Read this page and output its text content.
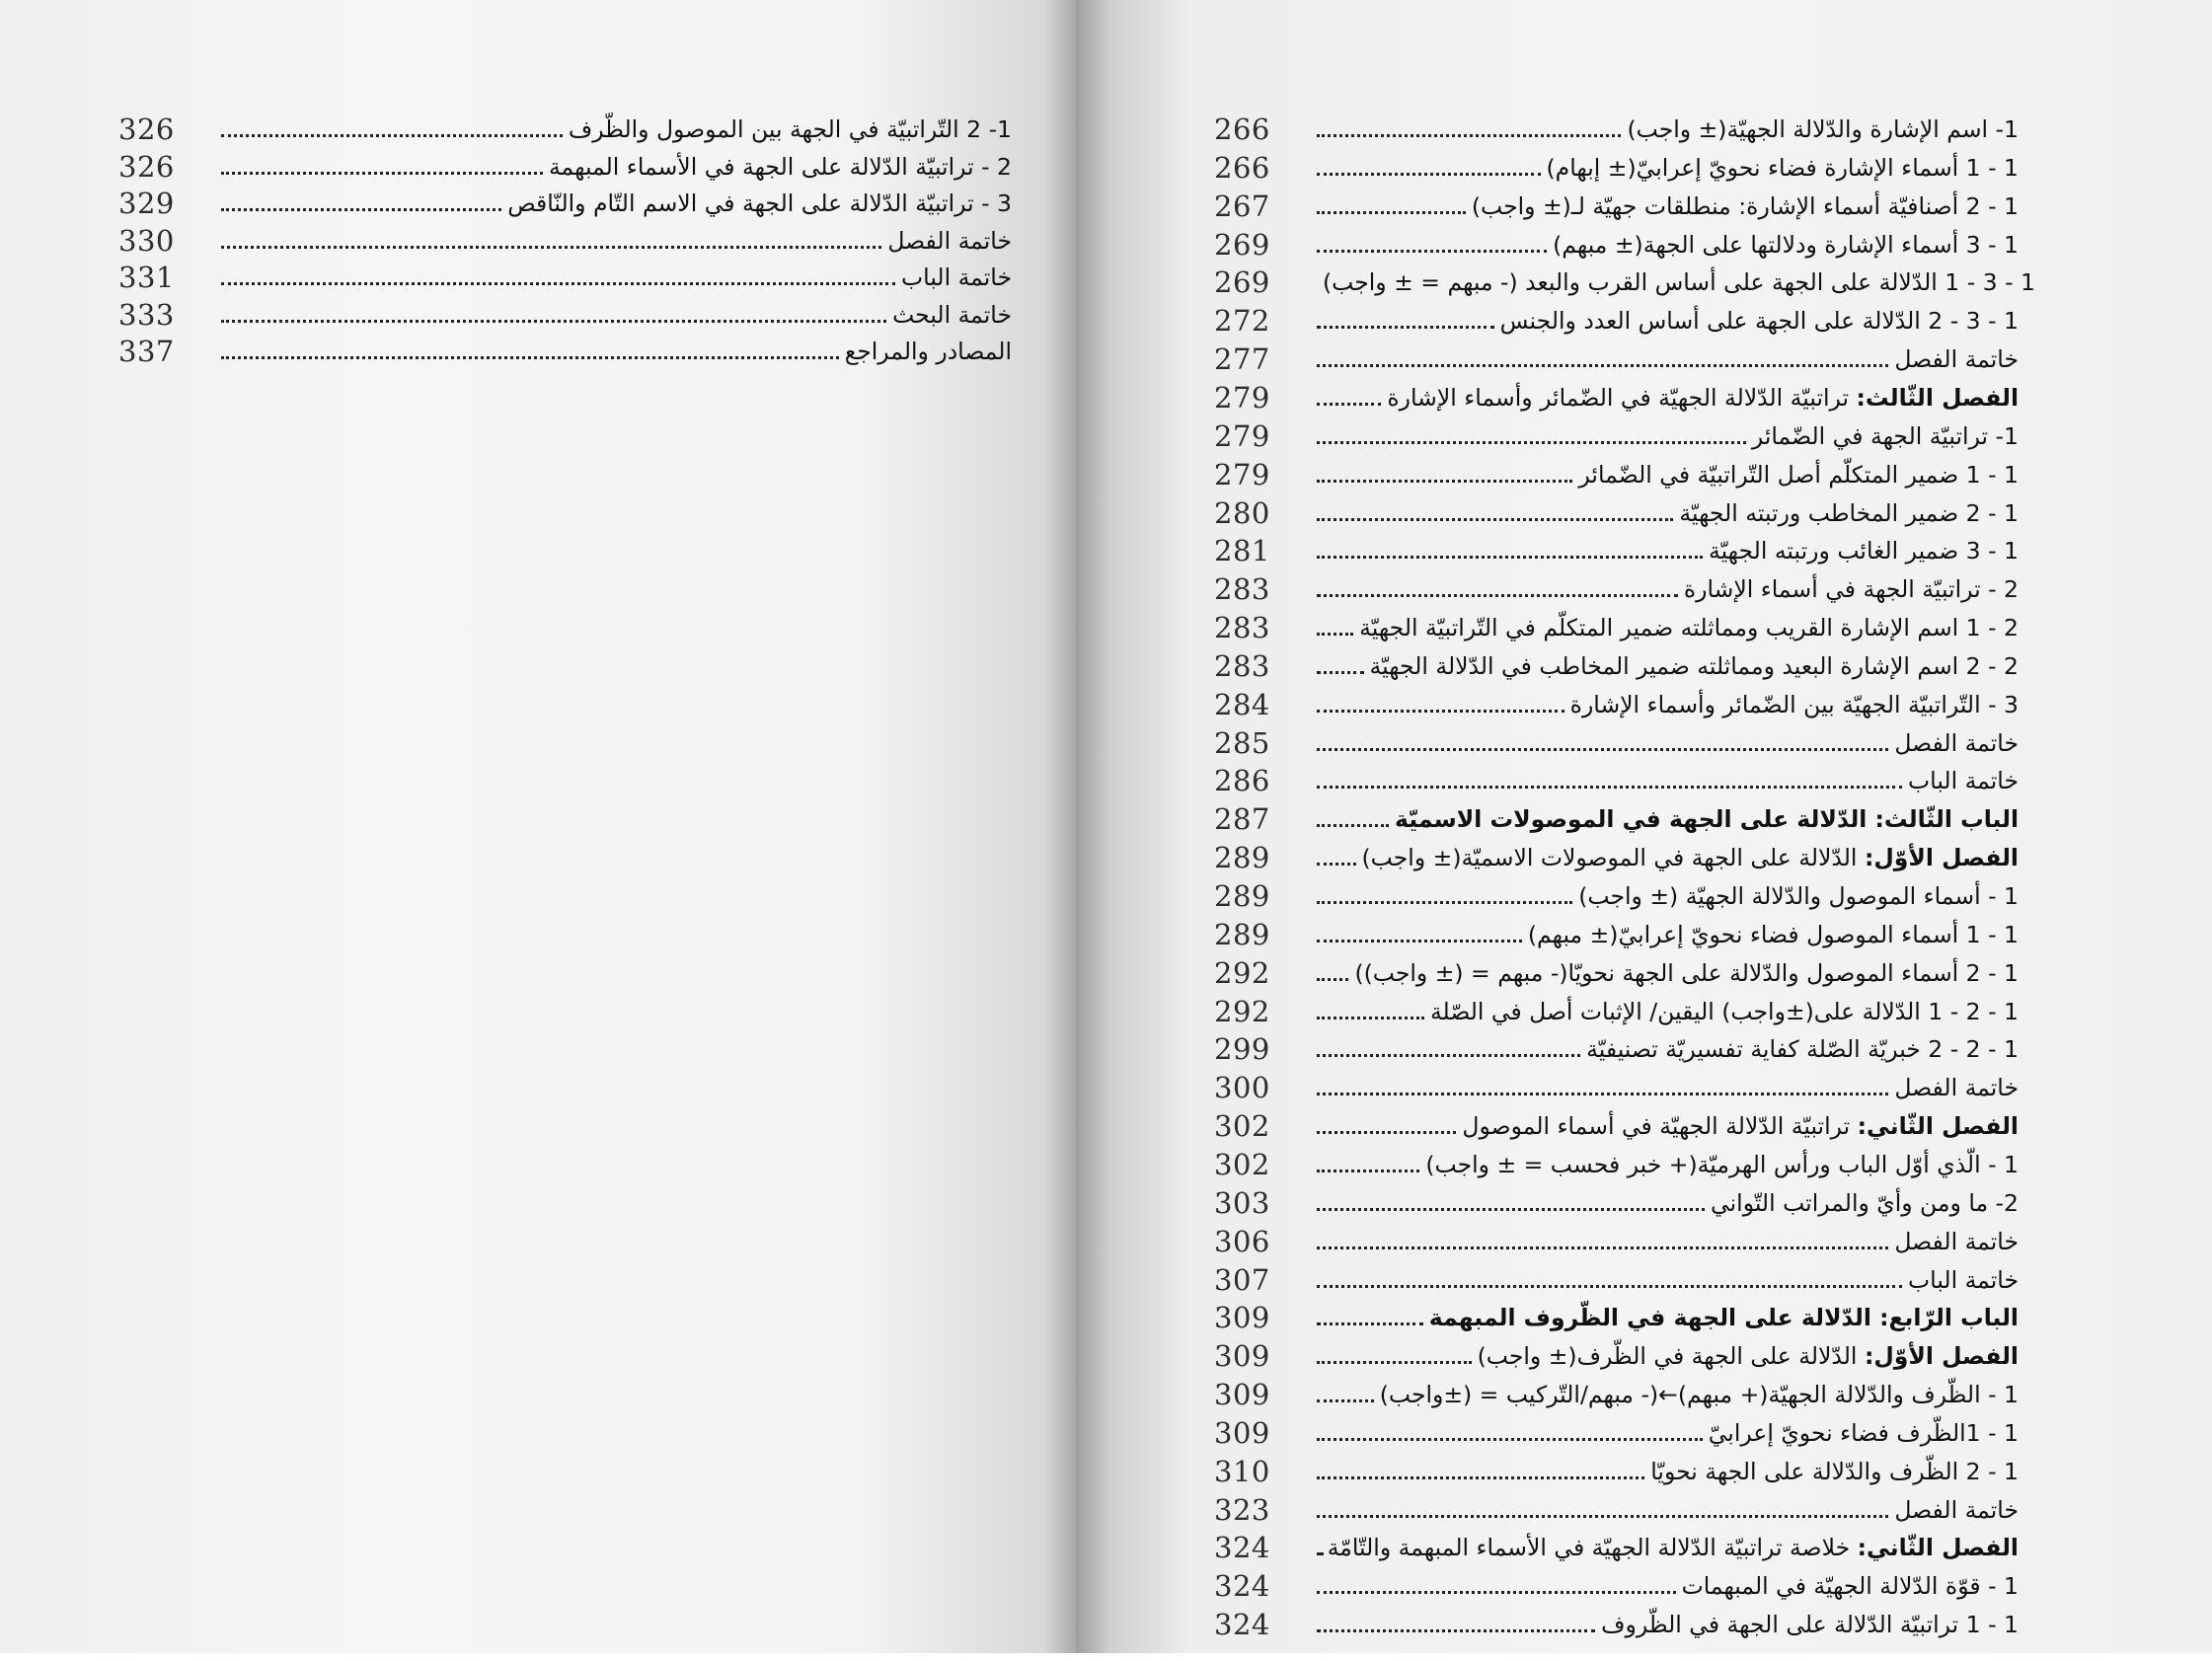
326	1- 2 التّراتبيّة في الجهة بين الموصول والظّرف
326	2 - تراتبيّة الدّلالة على الجهة في الأسماء المبهمة
329	3 - تراتبيّة الدّلالة على الجهة في الاسم التّام والنّاقص
330	خاتمة الفصل
331	خاتمة الباب
333	خاتمة البحث
337	المصادر والمراجع
266	1- اسم الإشارة والدّلالة الجهيّة(± واجب)
266	1 - 1 أسماء الإشارة فضاء نحويّ إعرابيّ(± إبهام)
267	1 - 2 أصنافيّة أسماء الإشارة: منطلقات جهيّة لـ(± واجب)
269	1 - 3 أسماء الإشارة ودلالتها على الجهة(± مبهم)
269	1 - 3 - 1 الدّلالة على الجهة على أساس القرب والبعد (- مبهم = ± واجب)
272	1 - 3 - 2 الدّلالة على الجهة على أساس العدد والجنس
277	خاتمة الفصل
279	الفصل الثّالث: تراتبيّة الدّلالة الجهيّة في الضّمائر وأسماء الإشارة
279	1- تراتبيّة الجهة في الضّمائر
279	1 - 1 ضمير المتكلّم أصل التّراتبيّة في الضّمائر
280	1 - 2 ضمير المخاطب ورتبته الجهيّة
281	1 - 3 ضمير الغائب ورتبته الجهيّة
283	2 - تراتبيّة الجهة في أسماء الإشارة
283	2 - 1 اسم الإشارة القريب ومماثلته ضمير المتكلّم في التّراتبيّة الجهيّة
283	2 - 2 اسم الإشارة البعيد ومماثلته ضمير المخاطب في الدّلالة الجهيّة
284	3 - التّراتبيّة الجهيّة بين الضّمائر وأسماء الإشارة
285	خاتمة الفصل
286	خاتمة الباب
287	الباب الثّالث: الدّلالة على الجهة في الموصولات الاسميّة
289	الفصل الأوّل: الدّلالة على الجهة في الموصولات الاسميّة(± واجب)
289	1 - أسماء الموصول والدّلالة الجهيّة (± واجب)
289	1 - 1 أسماء الموصول فضاء نحويّ إعرابيّ(± مبهم)
292	1 - 2 أسماء الموصول والدّلالة على الجهة نحويّا(- مبهم = (± واجب))
292	1 - 2 - 1 الدّلالة على(±واجب) اليقين/ الإثبات أصل في الصّلة
299	1 - 2 - 2 خبريّة الصّلة كفاية تفسيريّة تصنيفيّة
300	خاتمة الفصل
302	الفصل الثّاني: تراتبيّة الدّلالة الجهيّة في أسماء الموصول
302	1 - الّذي أوّل الباب ورأس الهرميّة(+ خبر فحسب = ± واجب)
303	2- ما ومن وأيّ والمراتب التّواني
306	خاتمة الفصل
307	خاتمة الباب
309	الباب الرّابع: الدّلالة على الجهة في الظّروف المبهمة
309	الفصل الأوّل: الدّلالة على الجهة في الظّرف(± واجب)
309	1 - الظّرف والدّلالة الجهيّة(+ مبهم)←(- مبهم/التّركيب = (±واجب)
309	1 - 1الظّرف فضاء نحويّ إعرابيّ
310	1 - 2 الظّرف والدّلالة على الجهة نحويّا
323	خاتمة الفصل
324	الفصل الثّاني: خلاصة تراتبيّة الدّلالة الجهيّة في الأسماء المبهمة والتّامّة
324	1 - قوّة الدّلالة الجهيّة في المبهمات
324	1 - 1 تراتبيّة الدّلالة على الجهة في الظّروف
